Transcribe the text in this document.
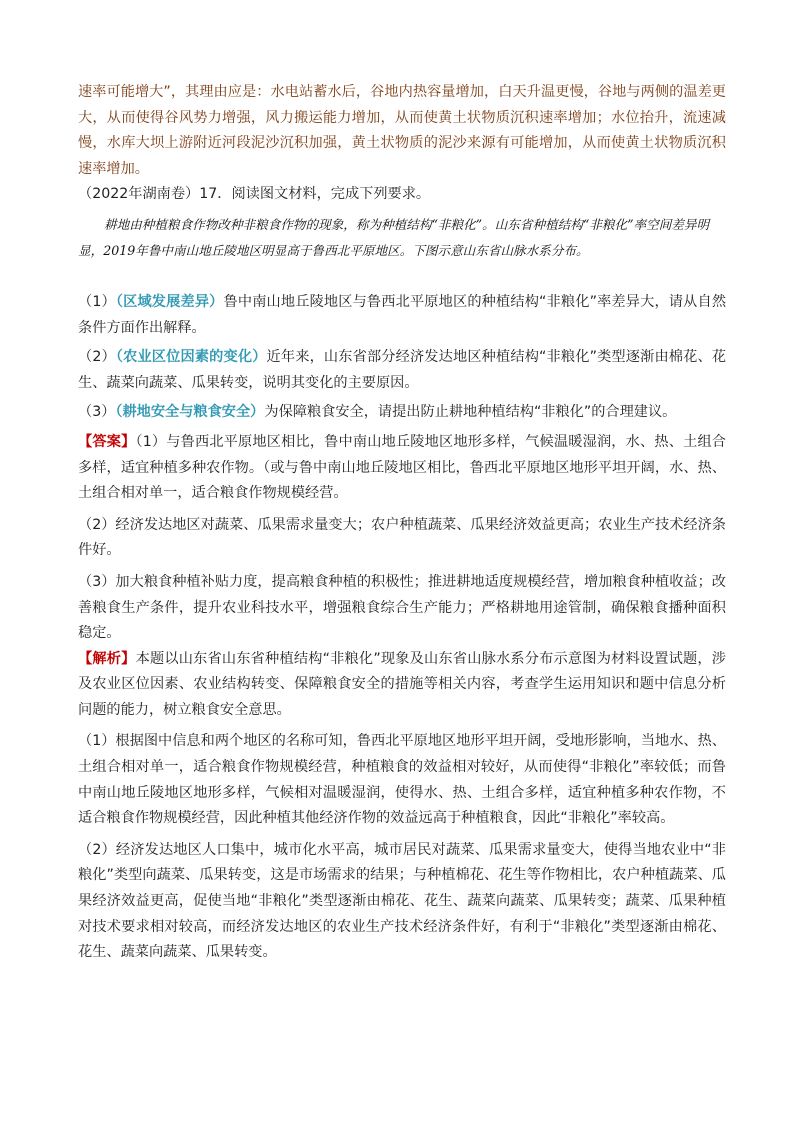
速率可能增大”，其理由应是：水电站蓄水后，谷地内热容量增加，白天升温更慢，谷地与两侧的温差更大，从而使得谷风势力增强，风力搬运能力增加，从而使黄土状物质沉积速率增加；水位抬升，流速减慢，水库大坝上游附近河段泥沙沉积加强，黄土状物质的泥沙来源有可能增加，从而使黄土状物质沉积速率增加。

（2022年湖南卷）17．阅读图文材料，完成下列要求。

耕地由种植粮食作物改种非粮食作物的现象，称为种植结构“非粮化”。山东省种植结构“非粮化”率空间差异明显，2019年鲁中南山地丘陵地区明显高于鲁西北平原地区。下图示意山东省山脉水系分布。

（1）（区域发展差异）鲁中南山地丘陵地区与鲁西北平原地区的种植结构“非粮化”率差异大，请从自然条件方面作出解释。

（2）（农业区位因素的变化）近年来，山东省部分经济发达地区种植结构“非粮化”类型逐渐由棉花、花生、蔬菜向蔬菜、瓜果转变，说明其变化的主要原因。

（3）（耕地安全与粮食安全）为保障粮食安全，请提出防止耕地种植结构“非粮化”的合理建议。

【答案】（1）与鲁西北平原地区相比，鲁中南山地丘陵地区地形多样，气候温暖湿润，水、热、土组合多样，适宜种植多种农作物。（或与鲁中南山地丘陵地区相比，鲁西北平原地区地形平坦开阔，水、热、土组合相对单一，适合粮食作物规模经营。

（2）经济发达地区对蔬菜、瓜果需求量变大；农户种植蔬菜、瓜果经济效益更高；农业生产技术经济条件好。

（3）加大粮食种植补贴力度，提高粮食种植的积极性；推进耕地适度规模经营，增加粮食种植收益；改善粮食生产条件，提升农业科技水平，增强粮食综合生产能力；严格耕地用途管制，确保粮食播种面积稳定。

【解析】本题以山东省山东省种植结构“非粮化”现象及山东省山脉水系分布示意图为材料设置试题，涉及农业区位因素、农业结构转变、保障粮食安全的措施等相关内容，考查学生运用知识和题中信息分析问题的能力，树立粮食安全意思。

（1）根据图中信息和两个地区的名称可知，鲁西北平原地区地形平坦开阔，受地形影响，当地水、热、土组合相对单一，适合粮食作物规模经营，种植粮食的效益相对较好，从而使得“非粮化”率较低；而鲁中南山地丘陵地区地形多样，气候相对温暖湿润，使得水、热、土组合多样，适宜种植多种农作物，不适合粮食作物规模经营，因此种植其他经济作物的效益远高于种植粮食，因此“非粮化”率较高。

（2）经济发达地区人口集中，城市化水平高，城市居民对蔬菜、瓜果需求量变大，使得当地农业中“非粮化”类型向蔬菜、瓜果转变，这是市场需求的结果；与种植棉花、花生等作物相比，农户种植蔬菜、瓜果经济效益更高，促使当地“非粮化”类型逐渐由棉花、花生、蔬菜向蔬菜、瓜果转变；蔬菜、瓜果种植对技术要求相对较高，而经济发达地区的农业生产技术经济条件好，有利于“非粮化”类型逐渐由棉花、花生、蔬菜向蔬菜、瓜果转变。
